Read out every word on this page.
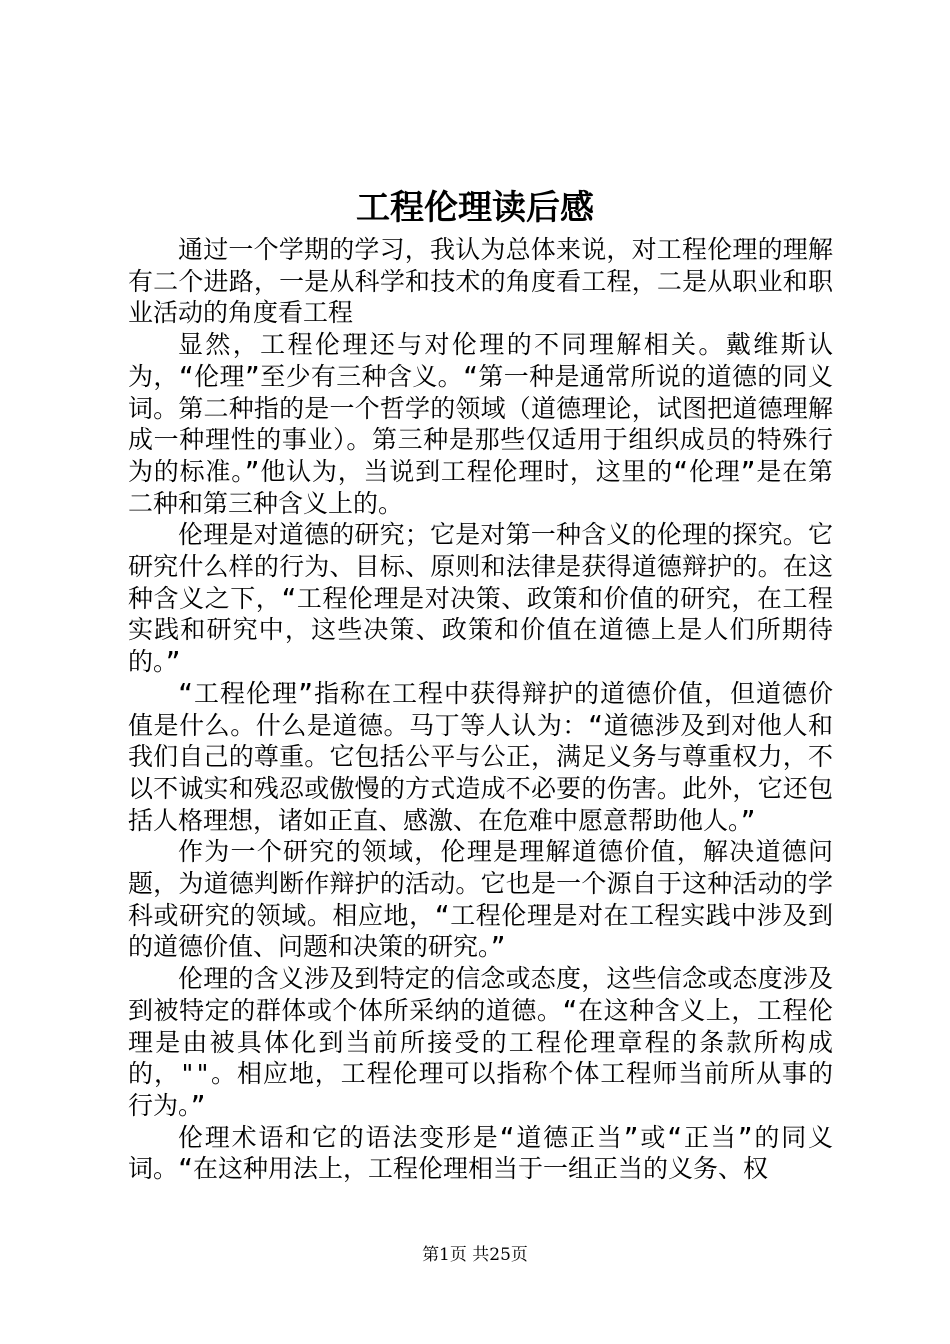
工程伦理读后感

通过一个学期的学习，我认为总体来说，对工程伦理的理解有二个进路，一是从科学和技术的角度看工程，二是从职业和职业活动的角度看工程

显然，工程伦理还与对伦理的不同理解相关。戴维斯认为，“伦理”至少有三种含义。“第一种是通常所说的道德的同义词。第二种指的是一个哲学的领域（道德理论，试图把道德理解成一种理性的事业）。第三种是那些仅适用于组织成员的特殊行为的标准。”他认为，当说到工程伦理时，这里的“伦理”是在第二种和第三种含义上的。

伦理是对道德的研究；它是对第一种含义的伦理的探究。它研究什么样的行为、目标、原则和法律是获得道德辩护的。在这种含义之下，“工程伦理是对决策、政策和价值的研究，在工程实践和研究中，这些决策、政策和价值在道德上是人们所期待的。”

“工程伦理”指称在工程中获得辩护的道德价值，但道德价值是什么。什么是道德。马丁等人认为：“道德涉及到对他人和我们自己的尊重。它包括公平与公正，满足义务与尊重权力，不以不诚实和残忍或傲慢的方式造成不必要的伤害。此外，它还包括人格理想，诸如正直、感激、在危难中愿意帮助他人。”

作为一个研究的领域，伦理是理解道德价值，解决道德问题，为道德判断作辩护的活动。它也是一个源自于这种活动的学科或研究的领域。相应地，“工程伦理是对在工程实践中涉及到的道德价值、问题和决策的研究。”

伦理的含义涉及到特定的信念或态度，这些信念或态度涉及到被特定的群体或个体所采纳的道德。“在这种含义上，工程伦理是由被具体化到当前所接受的工程伦理章程的条款所构成的，""。相应地，工程伦理可以指称个体工程师当前所从事的行为。”

伦理术语和它的语法变形是“道德正当”或“正当”的同义词。“在这种用法上，工程伦理相当于一组正当的义务、权

第1页 共25页
